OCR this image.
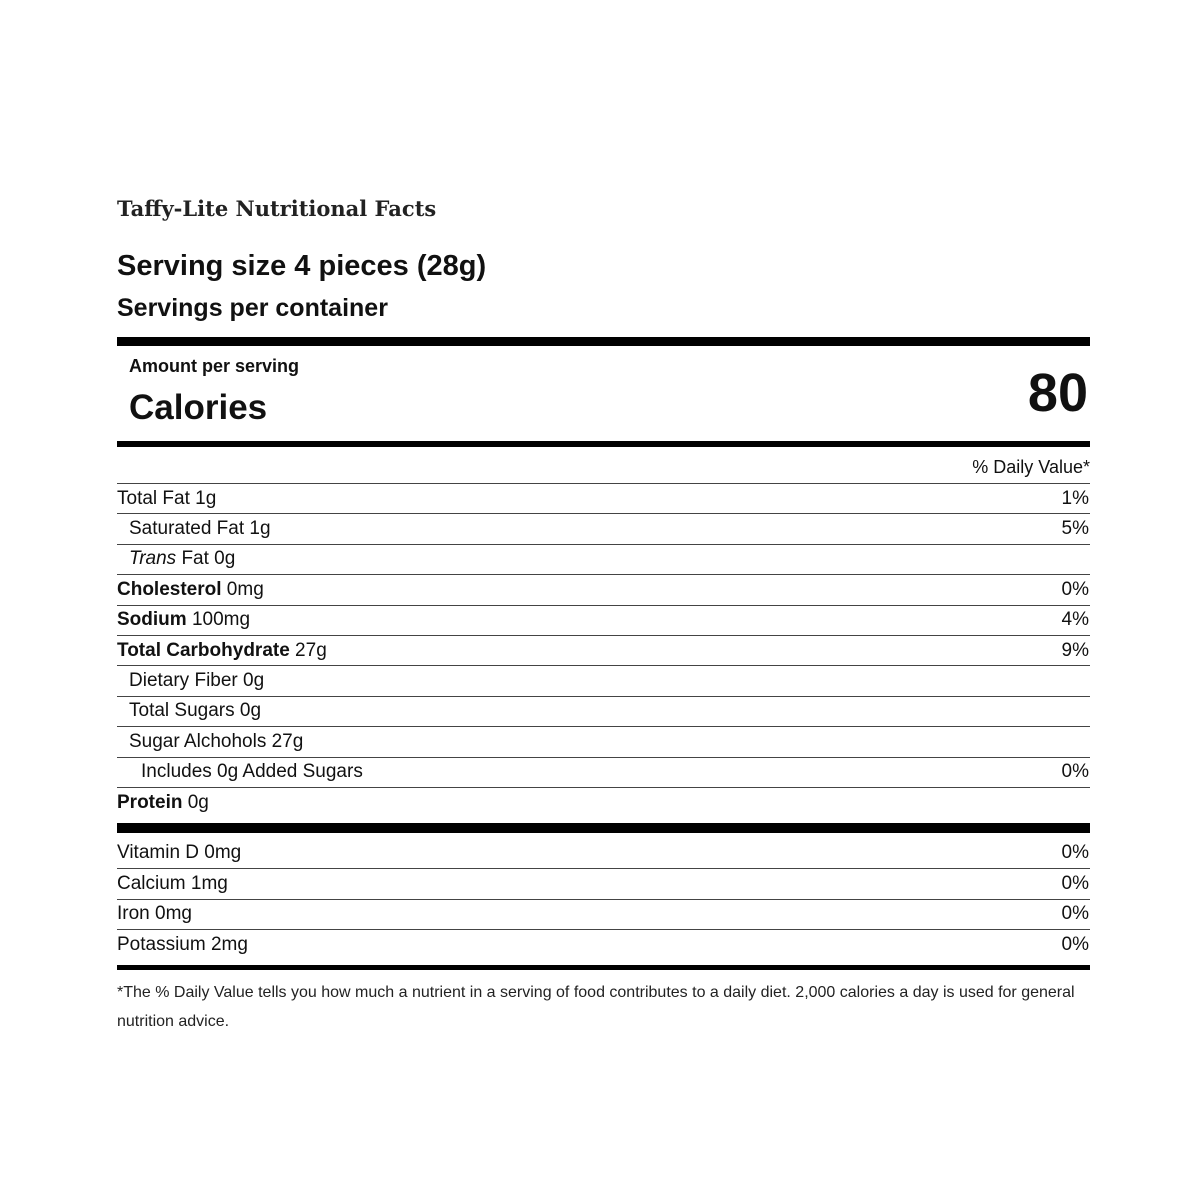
Taffy-Lite Nutritional Facts
Serving size 4 pieces (28g)
Servings per container
Amount per serving
Calories	80
% Daily Value*
Total Fat 1g	1%
Saturated Fat 1g	5%
Trans Fat 0g
Cholesterol 0mg	0%
Sodium 100mg	4%
Total Carbohydrate 27g	9%
Dietary Fiber 0g
Total Sugars 0g
Sugar Alchohols 27g
Includes 0g Added Sugars	0%
Protein 0g
Vitamin D 0mg	0%
Calcium 1mg	0%
Iron 0mg	0%
Potassium 2mg	0%
*The % Daily Value tells you how much a nutrient in a serving of food contributes to a daily diet. 2,000 calories a day is used for general nutrition advice.
